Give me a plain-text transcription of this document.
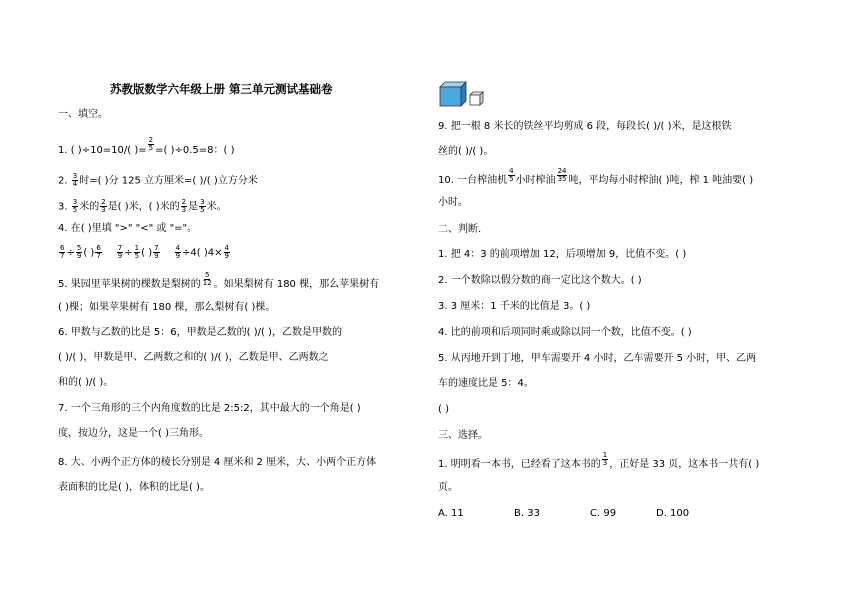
苏教版数学六年级上册 第三单元测试基础卷
一、填空。
1. ( )÷10=10/( )= $\frac{2}{5}$ =( )÷0.5=8：( )
2. $\frac{3}{4}$ 时=( )分 125 立方厘米=( )/( )立方分米
3. $\frac{3}{5}$ 米的 $\frac{2}{3}$ 是( )米，( )米的 $\frac{2}{3}$ 是 $\frac{3}{5}$ 米。
4. 在( )里填 ">" "<" 或 "="。
$\frac{6}{7} \div \frac{5}{9}$ ( ) $\frac{6}{7} \frac{7}{9} \div \frac{1}{5}$ ( ) $\frac{7}{9} \frac{4}{9} \div 4$( )$4\times \frac{4}{9}$
5. 果园里苹果树的棵数是梨树的 $\frac{5}{12}$ 。如果梨树有 180 棵，那么苹果树有
( )棵；如果苹果树有 180 棵，那么梨树有( )棵。
6. 甲数与乙数的比是 5：6，甲数是乙数的( )/( )，乙数是甲数的
( )/( )，甲数是甲、乙两数之和的( )/( )，乙数是甲、乙两数之
和的( )/( )。
7. 一个三角形的三个内角度数的比是 2:5:2，其中最大的一个角是( )
度，按边分，这是一个( )三角形。
8. 大、小两个正方体的棱长分别是 4 厘米和 2 厘米，大、小两个正方体
表面积的比是( )，体积的比是( )。
9. 把一根 8 米长的铁丝平均剪成 6 段，每段长( )/( )米，是这根铁
丝的( )/( )。
10. 一台榨油机 $\frac{4}{5}$ 小时榨油 $\frac{24}{35}$ 吨，平均每小时榨油( )吨，榨 1 吨油要( )
小时。
二、判断.
1. 把 4：3 的前项增加 12，后项增加 9，比值不变。( )
2. 一个数除以假分数的商一定比这个数大。( )
3. 3 厘米：1 千米的比值是 3。( )
4. 比的前项和后项同时乘或除以同一个数，比值不变。( )
5. 从丙地开到丁地，甲车需要开 4 小时，乙车需要开 5 小时，甲、乙两
车的速度比是 5：4。
( )
三、选择。
1. 明明看一本书，已经看了这本书的 $\frac{1}{3}$ ，正好是 33 页，这本书一共有( )
页。
A. 11	B. 33	C. 99	D. 100
